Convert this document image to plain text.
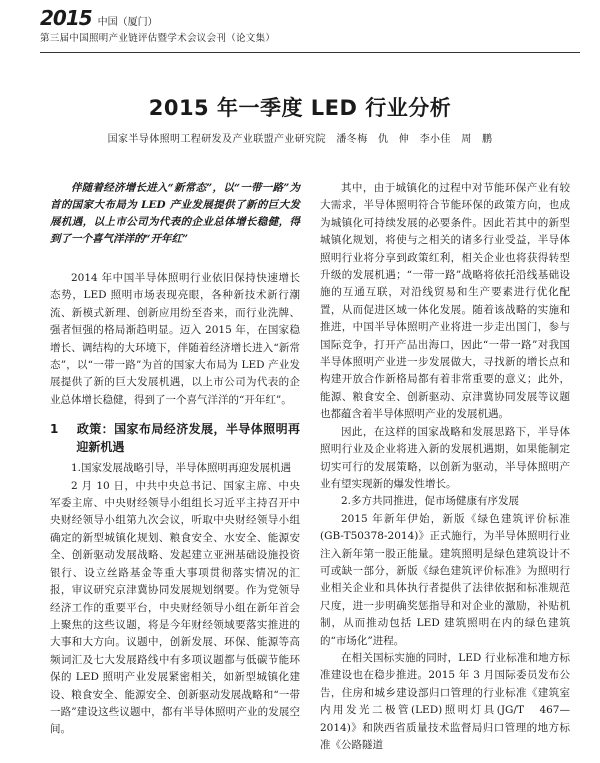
2015 中国（厦门）
第三届中国照明产业链评估暨学术会议会刊（论文集）
2015 年一季度 LED 行业分析
国家半导体照明工程研发及产业联盟产业研究院　潘冬梅　仇　伸　李小佳　周　鹏

伴随着经济增长进入“新常态”，以“一带一路”为首的国家大布局为 LED 产业发展提供了新的巨大发展机遇，以上市公司为代表的企业总体增长稳健，得到了一个喜气洋洋的“开年红”

2014 年中国半导体照明行业依旧保持快速增长态势，LED 照明市场表现亮眼，各种新技术新行潮流、新模式新理、创新应用纷至沓来，而行业洗牌、强者恒强的格局渐趋明显。迈入 2015 年，在国家稳增长、调结构的大环境下，伴随着经济增长进入“新常态”，以“一带一路”为首的国家大布局为 LED 产业发展提供了新的巨大发展机遇，以上市公司为代表的企业总体增长稳健，得到了一个喜气洋洋的“开年红”。

1 政策：国家布局经济发展，半导体照明再迎新机遇

1.国家发展战略引导，半导体照明再迎发展机遇

2 月 10 日，中共中央总书记、国家主席、中央军委主席、中央财经领导小组组长习近平主持召开中央财经领导小组第九次会议，听取中央财经领导小组确定的新型城镇化规划、粮食安全、水安全、能源安全、创新驱动发展战略、发起建立亚洲基础设施投资银行、设立丝路基金等重大事项贯彻落实情况的汇报，审议研究京津冀协同发展规划纲要。作为党领导经济工作的重要平台，中央财经领导小组在新年首会上聚焦的这些议题，将是今年财经领域要落实推进的大事和大方向。议题中，创新发展、环保、能源等高频词汇及七大发展路线中有多项议题都与低碳节能环保的 LED 照明产业发展紧密相关，如新型城镇化建设、粮食安全、能源安全、创新驱动发展战略和“一带一路”建设这些议题中，都有半导体照明产业的发展空间。

其中，由于城镇化的过程中对节能环保产业有较大需求，半导体照明符合节能环保的政策方向，也成为城镇化可持续发展的必要条件。因此若其中的新型城镇化规划，将使与之相关的诸多行业受益，半导体照明行业将分享到政策红利，相关企业也将获得转型升级的发展机遇；“一带一路”战略将依托沿线基础设施的互通互联，对沿线贸易和生产要素进行优化配置，从而促进区域一体化发展。随着该战略的实施和推进，中国半导体照明产业将进一步走出国门，参与国际竞争，打开产品出海口，因此“一带一路”对我国半导体照明产业进一步发展做大，寻找新的增长点和构建开放合作新格局都有着非常重要的意义；此外，能源、粮食安全、创新驱动、京津冀协同发展等议题也都蕴含着半导体照明产业的发展机遇。

因此，在这样的国家战略和发展思路下，半导体照明行业及企业将进入新的发展机遇期，如果能制定切实可行的发展策略，以创新为驱动，半导体照明产业有望实现新的爆发性增长。

2.多方共同推进，促市场健康有序发展

2015 年新年伊始，新版《绿色建筑评价标准(GB-T50378-2014)》正式施行，为半导体照明行业注入新年第一股正能量。建筑照明是绿色建筑设计不可或缺一部分，新版《绿色建筑评价标准》为照明行业相关企业和具体执行者提供了法律依据和标准规范尺度，进一步明确奖惩指导和对企业的激励，补贴机制，从而推动包括 LED 建筑照明在内的绿色建筑的“市场化”进程。

在相关国标实施的同时，LED 行业标准和地方标准建设也在稳步推进。2015 年 3 月国际委员发布公告，住房和城乡建设部归口管理的行业标准《建筑室内用发光二极管(LED)照明灯具(JG/T　467—2014)》和陕西省质量技术监督局归口管理的地方标准《公路隧道
